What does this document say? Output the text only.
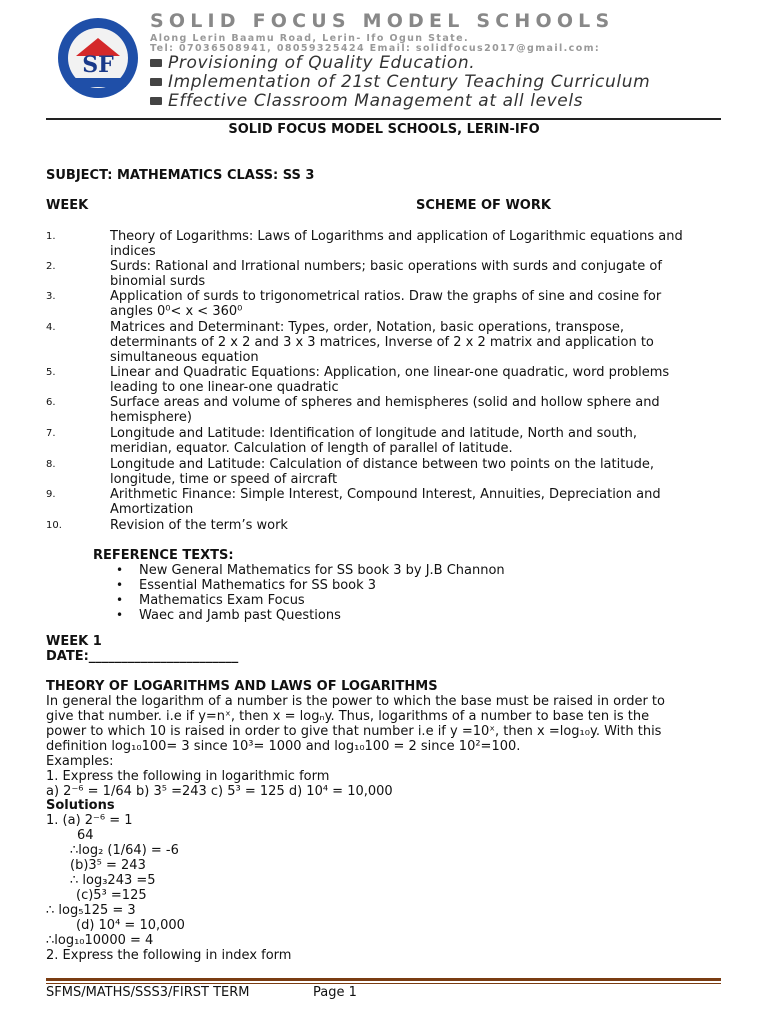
SF
SOLID FOCUS MODEL SCHOOLS
Along Lerin Baamu Road, Lerin- Ifo Ogun State.
Tel: 07036508941, 08059325424 Email: solidfocus2017@gmail.com:
Provisioning of Quality Education.
Implementation of 21st Century Teaching Curriculum
Effective Classroom Management at all levels
SOLID FOCUS MODEL SCHOOLS, LERIN-IFO
SUBJECT: MATHEMATICS CLASS: SS 3
WEEK	SCHEME OF WORK
1.	Theory of Logarithms: Laws of Logarithms and application of Logarithmic equations and
indices
2.	Surds: Rational and Irrational numbers; basic operations with surds and conjugate of
binomial surds
3.	Application of surds to trigonometrical ratios. Draw the graphs of sine and cosine for
angles 0⁰< x < 360⁰
4.	Matrices and Determinant: Types, order, Notation, basic operations, transpose,
determinants of 2 x 2 and 3 x 3 matrices, Inverse of 2 x 2 matrix and application to
simultaneous equation
5.	Linear and Quadratic Equations: Application, one linear-one quadratic, word problems
leading to one linear-one quadratic
6.	Surface areas and volume of spheres and hemispheres (solid and hollow sphere and
hemisphere)
7.	Longitude and Latitude: Identification of longitude and latitude, North and south,
meridian, equator. Calculation of length of parallel of latitude.
8.	Longitude and Latitude: Calculation of distance between two points on the latitude,
longitude, time or speed of aircraft
9.	Arithmetic Finance: Simple Interest, Compound Interest, Annuities, Depreciation and
Amortization
10.	Revision of the term’s work
REFERENCE TEXTS:
• New General Mathematics for SS book 3 by J.B Channon
• Essential Mathematics for SS book 3
• Mathematics Exam Focus
• Waec and Jamb past Questions
WEEK 1
DATE:_______________________
THEORY OF LOGARITHMS AND LAWS OF LOGARITHMS
In general the logarithm of a number is the power to which the base must be raised in order to
give that number. i.e if y=nˣ, then x = logₙy. Thus, logarithms of a number to base ten is the
power to which 10 is raised in order to give that number i.e if y =10ˣ, then x =log₁₀y. With this
definition log₁₀100= 3 since 10³= 1000 and log₁₀100 = 2 since 10²=100.
Examples:
1. Express the following in logarithmic form
a) 2⁻⁶ = 1/64 b) 3⁵ =243 c) 5³ = 125 d) 10⁴ = 10,000
Solutions
1. (a) 2⁻⁶ = 1
64
∴log₂ (1/64) = -6
(b)3⁵ = 243
∴ log₃243 =5
(c)5³ =125
∴ log₅125 = 3
(d) 10⁴ = 10,000
∴log₁₀10000 = 4
2. Express the following in index form
SFMS/MATHS/SSS3/FIRST TERM	Page 1
